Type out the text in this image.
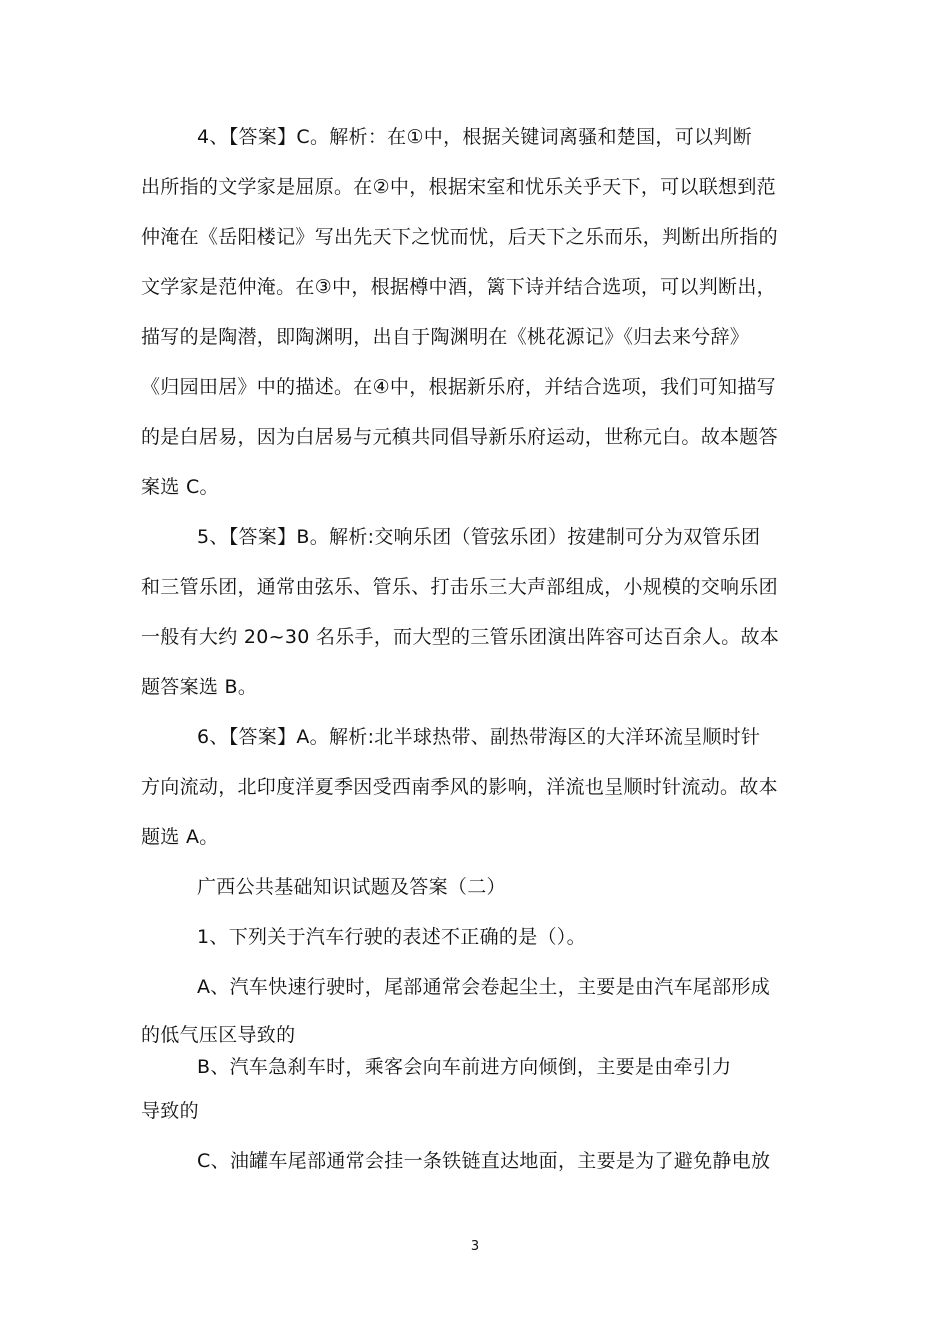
4、【答案】C。解析：在①中，根据关键词离骚和楚国，可以判断
出所指的文学家是屈原。在②中，根据宋室和忧乐关乎天下，可以联想到范
仲淹在《岳阳楼记》写出先天下之忧而忧，后天下之乐而乐，判断出所指的
文学家是范仲淹。在③中，根据樽中酒，篱下诗并结合选项，可以判断出，
描写的是陶潜，即陶渊明，出自于陶渊明在《桃花源记》《归去来兮辞》
《归园田居》中的描述。在④中，根据新乐府，并结合选项，我们可知描写
的是白居易，因为白居易与元稹共同倡导新乐府运动，世称元白。故本题答
案选 C。
5、【答案】B。解析:交响乐团（管弦乐团）按建制可分为双管乐团
和三管乐团，通常由弦乐、管乐、打击乐三大声部组成，小规模的交响乐团
一般有大约 20~30 名乐手，而大型的三管乐团演出阵容可达百余人。故本
题答案选 B。
6、【答案】A。解析:北半球热带、副热带海区的大洋环流呈顺时针
方向流动，北印度洋夏季因受西南季风的影响，洋流也呈顺时针流动。故本
题选 A。
广西公共基础知识试题及答案（二）
1、下列关于汽车行驶的表述不正确的是（）。
A、汽车快速行驶时，尾部通常会卷起尘土，主要是由汽车尾部形成
的低气压区导致的
B、汽车急刹车时，乘客会向车前进方向倾倒，主要是由牵引力
导致的
C、油罐车尾部通常会挂一条铁链直达地面，主要是为了避免静电放
3
